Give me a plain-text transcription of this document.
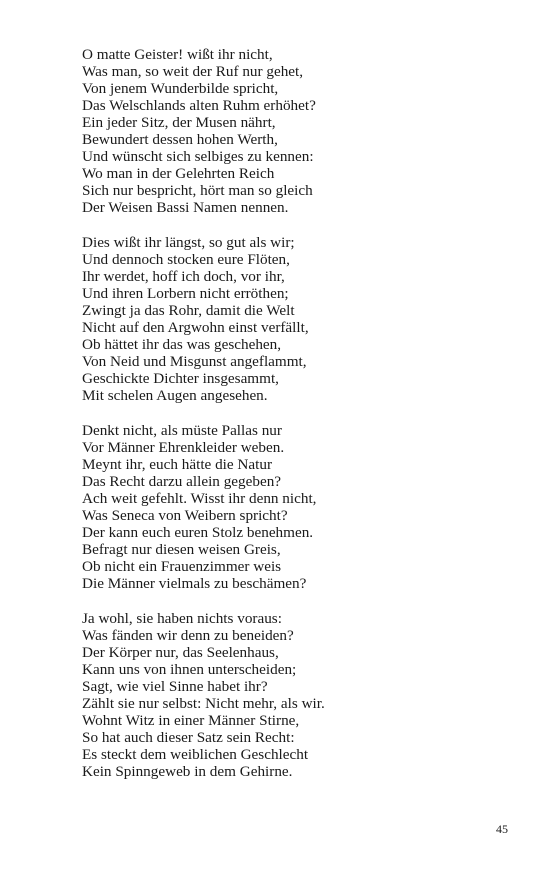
O matte Geister! wißt ihr nicht,
Was man, so weit der Ruf nur gehet,
Von jenem Wunderbilde spricht,
Das Welschlands alten Ruhm erhöhet?
Ein jeder Sitz, der Musen nährt,
Bewundert dessen hohen Werth,
Und wünscht sich selbiges zu kennen:
Wo man in der Gelehrten Reich
Sich nur bespricht, hört man so gleich
Der Weisen Bassi Namen nennen.
Dies wißt ihr längst, so gut als wir;
Und dennoch stocken eure Flöten,
Ihr werdet, hoff ich doch, vor ihr,
Und ihren Lorbern nicht erröthen;
Zwingt ja das Rohr, damit die Welt
Nicht auf den Argwohn einst verfällt,
Ob hättet ihr das was geschehen,
Von Neid und Misgunst angeflammt,
Geschickte Dichter insgesammt,
Mit schelen Augen angesehen.
Denkt nicht, als müste Pallas nur
Vor Männer Ehrenkleider weben.
Meynt ihr, euch hätte die Natur
Das Recht darzu allein gegeben?
Ach weit gefehlt. Wisst ihr denn nicht,
Was Seneca von Weibern spricht?
Der kann euch euren Stolz benehmen.
Befragt nur diesen weisen Greis,
Ob nicht ein Frauenzimmer weis
Die Männer vielmals zu beschämen?
Ja wohl, sie haben nichts voraus:
Was fänden wir denn zu beneiden?
Der Körper nur, das Seelenhaus,
Kann uns von ihnen unterscheiden;
Sagt, wie viel Sinne habet ihr?
Zählt sie nur selbst: Nicht mehr, als wir.
Wohnt Witz in einer Männer Stirne,
So hat auch dieser Satz sein Recht:
Es steckt dem weiblichen Geschlecht
Kein Spinngeweb in dem Gehirne.
45
